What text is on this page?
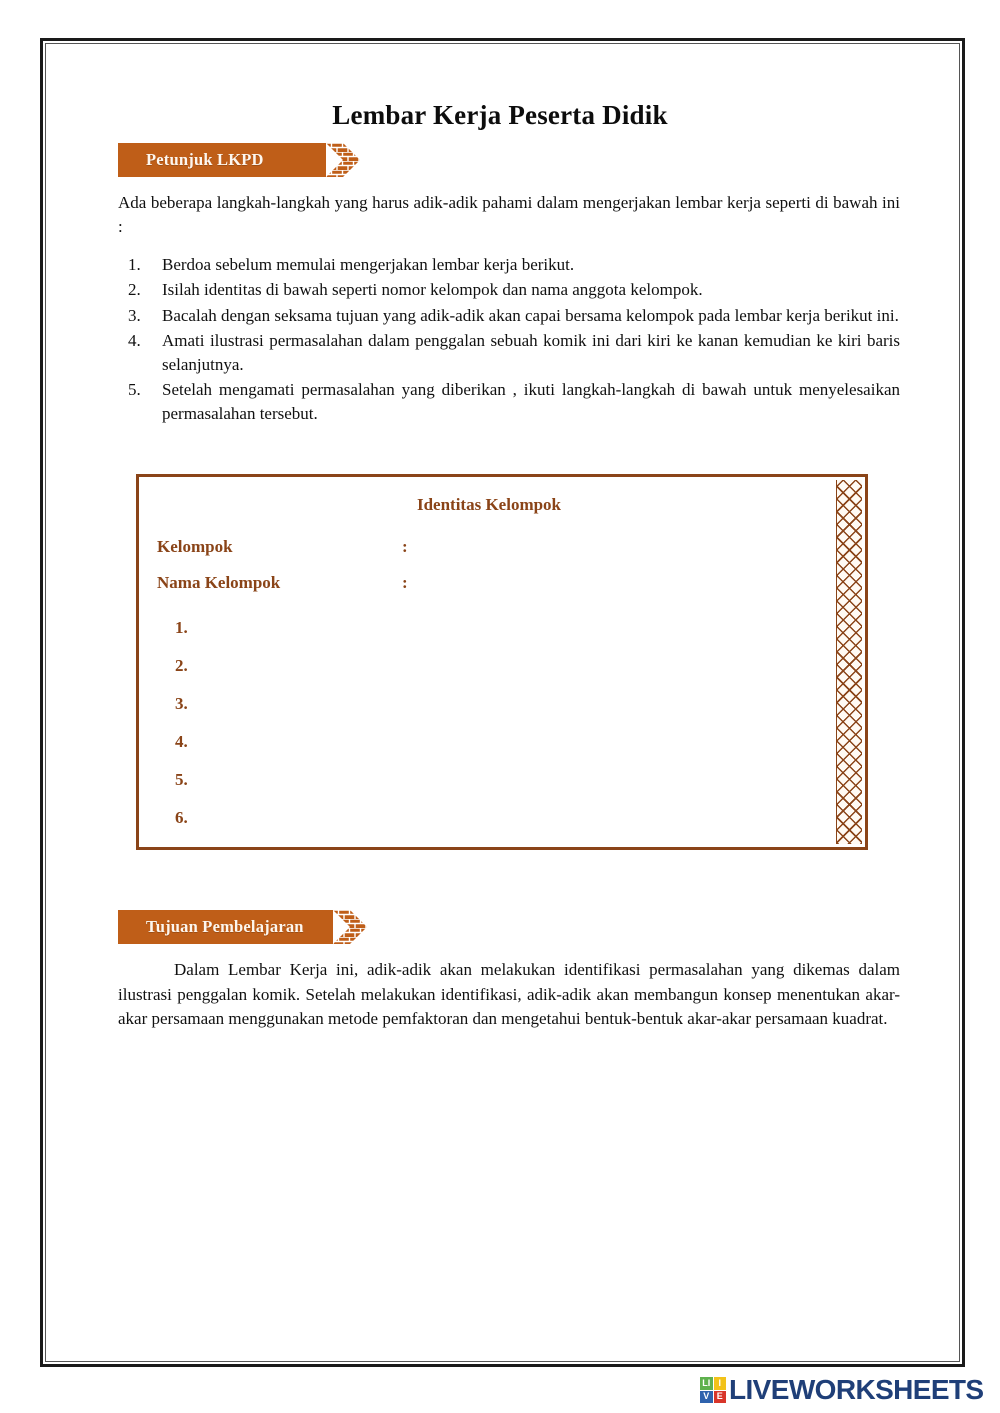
Lembar Kerja Peserta Didik
Petunjuk LKPD

Ada beberapa langkah-langkah yang harus adik-adik pahami dalam mengerjakan lembar kerja seperti di bawah ini :

1.	Berdoa sebelum memulai mengerjakan lembar kerja berikut.
2.	Isilah identitas di bawah seperti nomor kelompok dan nama anggota kelompok.
3.	Bacalah dengan seksama tujuan yang adik-adik akan capai bersama kelompok pada lembar kerja berikut ini.
4.	Amati ilustrasi permasalahan dalam penggalan sebuah komik ini dari kiri ke kanan kemudian ke kiri baris selanjutnya.
5.	Setelah mengamati permasalahan yang diberikan , ikuti langkah-langkah di bawah untuk menyelesaikan permasalahan tersebut.

Identitas Kelompok

Kelompok	:
Nama Kelompok	:
1.
2.
3.
4.
5.
6.
Tujuan Pembelajaran

Dalam Lembar Kerja ini, adik-adik akan melakukan identifikasi permasalahan yang dikemas dalam ilustrasi penggalan komik. Setelah melakukan identifikasi, adik-adik akan membangun konsep menentukan akar-akar persamaan menggunakan metode pemfaktoran dan mengetahui bentuk-bentuk akar-akar persamaan kuadrat.

LI I
V E LIVEWORKSHEETS
